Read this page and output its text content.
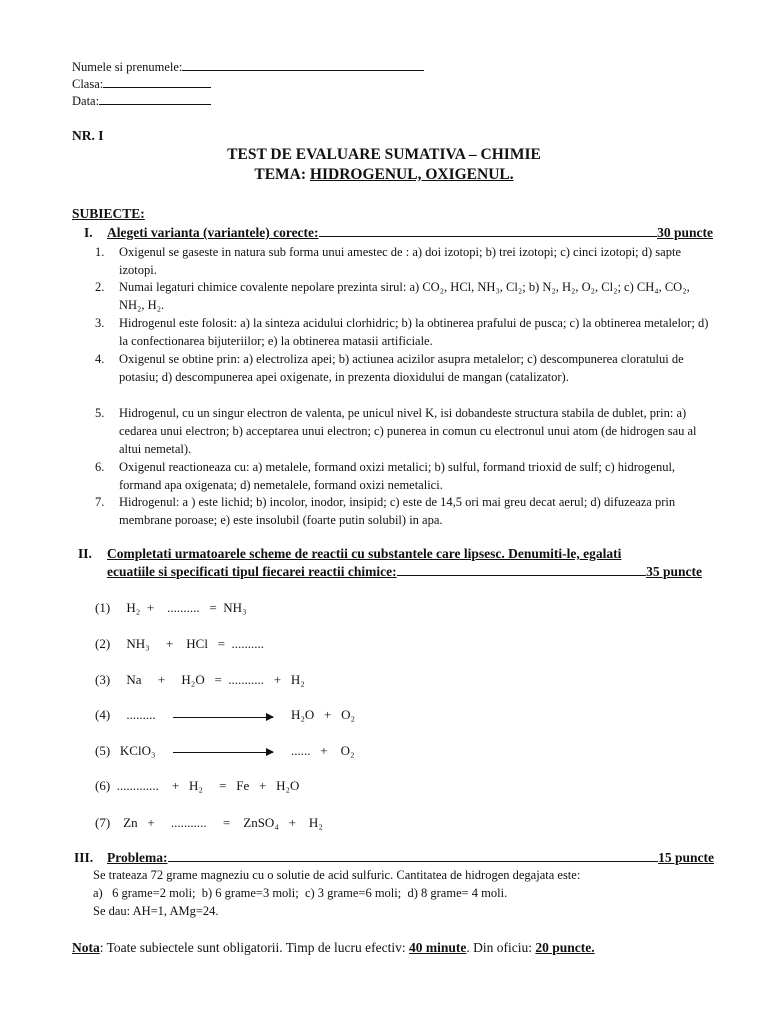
Numele si prenumele:
Clasa:
Data:
NR. I
TEST DE EVALUARE SUMATIVA – CHIMIE
TEMA: HIDROGENUL, OXIGENUL.
SUBIECTE:
I. Alegeti varianta (variantele) corecte:	30 puncte
1.	Oxigenul se gaseste in natura sub forma unui amestec de : a) doi izotopi; b) trei izotopi; c) cinci izotopi; d) sapte izotopi.
2.	Numai legaturi chimice covalente nepolare prezinta sirul: a) CO₂, HCl, NH₃, Cl₂; b) N₂, H₂, O₂, Cl₂; c) CH₄, CO₂, NH₂, H₂.
3.	Hidrogenul este folosit: a) la sinteza acidului clorhidric; b) la obtinerea prafului de pusca; c) la obtinerea metalelor; d) la confectionarea bijuteriilor; e) la obtinerea matasii artificiale.
4.	Oxigenul se obtine prin: a) electroliza apei; b) actiunea acizilor asupra metalelor; c) descompunerea cloratului de potasiu; d) descompunerea apei oxigenate, in prezenta dioxidului de mangan (catalizator).
5.	Hidrogenul, cu un singur electron de valenta, pe unicul nivel K, isi dobandeste structura stabila de dublet, prin: a) cedarea unui electron; b) acceptarea unui electron; c) punerea in comun cu electronul unui atom (de hidrogen sau al altui nemetal).
6.	Oxigenul reactioneaza cu: a) metalele, formand oxizi metalici; b) sulful, formand trioxid de sulf; c) hidrogenul, formand apa oxigenata; d) nemetalele, formand oxizi nemetalici.
7.	Hidrogenul: a ) este lichid; b) incolor, inodor, insipid; c) este de 14,5 ori mai greu decat aerul; d) difuzeaza prin membrane poroase; e) este insolubil (foarte putin solubil) in apa.
II. Completati urmatoarele scheme de reactii cu substantele care lipsesc. Denumiti-le, egalati
ecuatiile si specificati tipul fiecarei reactii chimice:	35 puncte
(1)     H₂  +    ..........   =  NH₃
(2)     NH₃     +    HCl   =  ..........
(3)     Na     +     H₂O   =  ...........   +   H₂
(4)     .........	H₂O   +   O₂
(5)   KClO₃	......   +    O₂
(6)  .............    +   H₂     =   Fe   +   H₂O
(7)    Zn   +     ...........     =    ZnSO₄   +    H₂
III. Problema:	15 puncte
Se trateaza 72 grame magneziu cu o solutie de acid sulfuric. Cantitatea de hidrogen degajata este:
a)   6 grame=2 moli;  b) 6 grame=3 moli;  c) 3 grame=6 moli;  d) 8 grame= 4 moli.
Se dau: AH=1, AMg=24.
Nota: Toate subiectele sunt obligatorii. Timp de lucru efectiv: 40 minute. Din oficiu: 20 puncte.
